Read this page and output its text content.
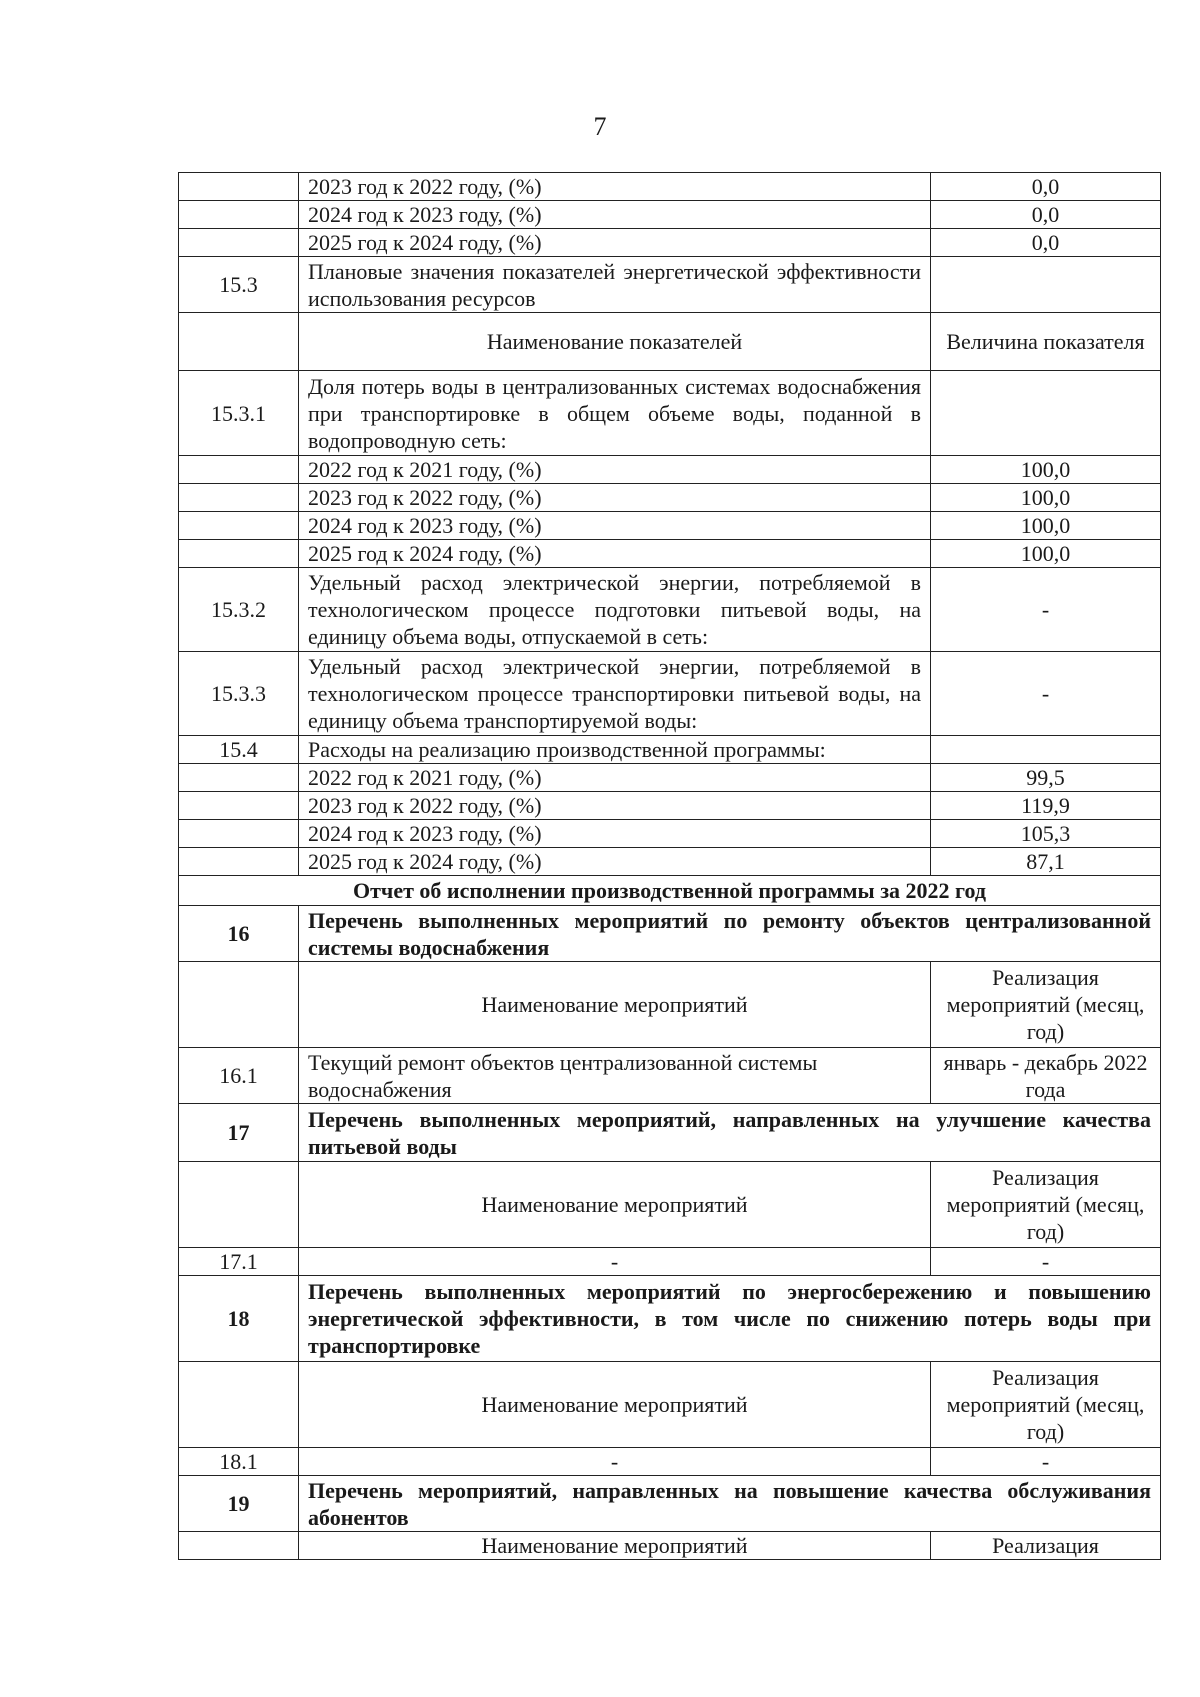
7
	2023 год к 2022 году, (%)	0,0
	2024 год к 2023 году, (%)	0,0
	2025 год к 2024 году, (%)	0,0
15.3	Плановые значения показателей энергетической эффективности использования ресурсов	
	Наименование показателей	Величина показателя
15.3.1	Доля потерь воды в централизованных системах водоснабжения при транспортировке в общем объеме воды, поданной в водопроводную сеть:	
	2022 год к 2021 году, (%)	100,0
	2023 год к 2022 году, (%)	100,0
	2024 год к 2023 году, (%)	100,0
	2025 год к 2024 году, (%)	100,0
15.3.2	Удельный расход электрической энергии, потребляемой в технологическом процессе подготовки питьевой воды, на единицу объема воды, отпускаемой в сеть:	-
15.3.3	Удельный расход электрической энергии, потребляемой в технологическом процессе транспортировки питьевой воды, на единицу объема транспортируемой воды:	-
15.4	Расходы на реализацию производственной программы:	
	2022 год к 2021 году, (%)	99,5
	2023 год к 2022 году, (%)	119,9
	2024 год к 2023 году, (%)	105,3
	2025 год к 2024 году, (%)	87,1
Отчет об исполнении производственной программы за 2022 год		
16	Перечень выполненных мероприятий по ремонту объектов централизованной системы водоснабжения	
	Наименование мероприятий	Реализация мероприятий (месяц, год)
16.1	Текущий ремонт объектов централизованной системы водоснабжения	январь - декабрь 2022 года
17	Перечень выполненных мероприятий, направленных на улучшение качества питьевой воды	
	Наименование мероприятий	Реализация мероприятий (месяц, год)
17.1	-	-
18	Перечень выполненных мероприятий по энергосбережению и повышению энергетической эффективности, в том числе по снижению потерь воды при транспортировке	
	Наименование мероприятий	Реализация мероприятий (месяц, год)
18.1	-	-
19	Перечень мероприятий, направленных на повышение качества обслуживания абонентов	
	Наименование мероприятий	Реализация
